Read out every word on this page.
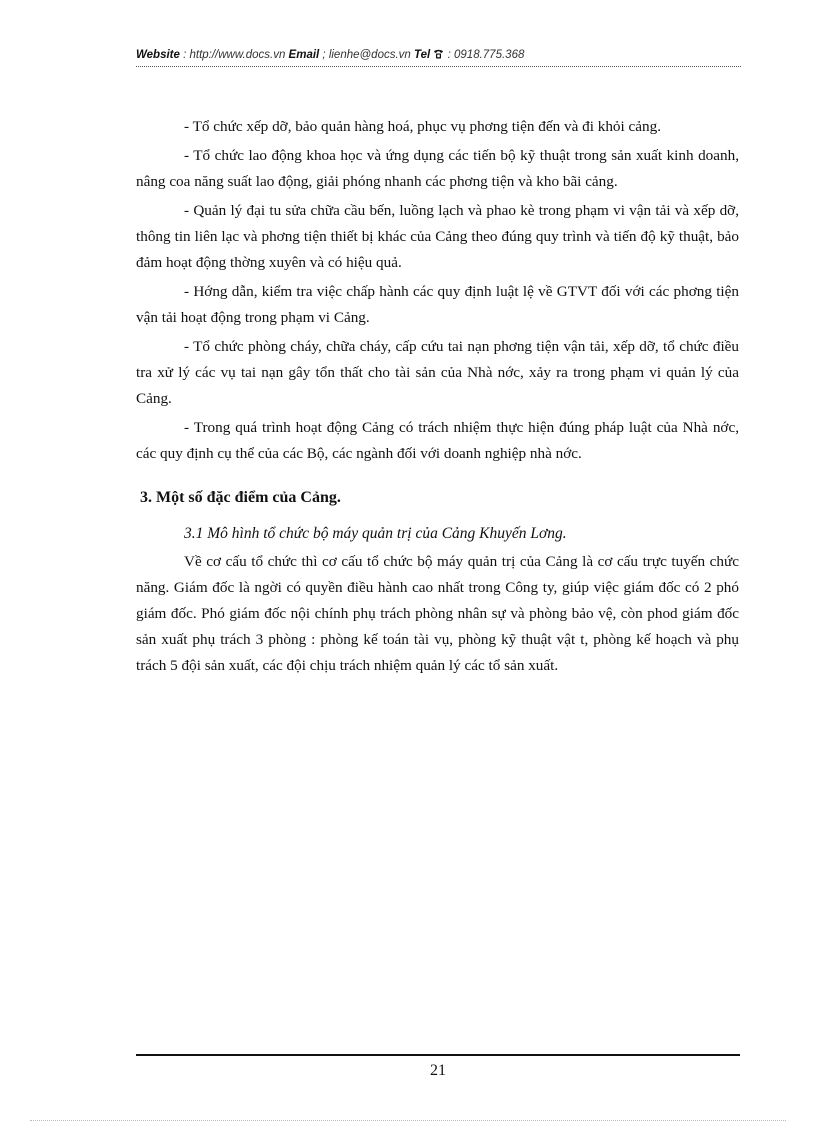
Website : http://www.docs.vn Email ; lienhe@docs.vn Tel  : 0918.775.368

- Tổ chức xếp dỡ, bảo quản hàng hoá, phục vụ phơng tiện đến và đi khỏi cảng.

- Tổ chức lao động khoa học và ứng dụng các tiến bộ kỹ thuật trong sản xuất kinh doanh, nâng coa năng suất lao động, giải phóng nhanh các phơng tiện và kho bãi cảng.

- Quản lý đại tu sửa chữa cầu bến, luồng lạch và phao kè trong phạm vi vận tải và xếp dỡ, thông tin liên lạc và phơng tiện thiết bị khác của Cảng theo đúng quy trình và tiến độ kỹ thuật, bảo đảm hoạt động thờng xuyên và có hiệu quả.

- Hớng dẫn, kiểm tra việc chấp hành các quy định luật lệ về GTVT đối với các phơng tiện vận tải hoạt động trong phạm vi Cảng.

- Tổ chức phòng cháy, chữa cháy, cấp cứu tai nạn phơng tiện vận tải, xếp dỡ, tổ chức điều tra xử lý các vụ tai nạn gây tổn thất cho tài sản của Nhà nớc, xảy ra trong phạm vi quản lý của Cảng.

- Trong quá trình hoạt động Cảng có trách nhiệm thực hiện đúng pháp luật của Nhà nớc, các quy định cụ thể của các Bộ, các ngành đối với doanh nghiệp nhà nớc.

3. Một số đặc điểm của Cảng.
3.1 Mô hình tổ chức bộ máy quản trị của Cảng Khuyến Lơng.

Về cơ cấu tổ chức thì cơ cấu tổ chức bộ máy quản trị của Cảng là cơ cấu trực tuyến chức năng. Giám đốc là ngời có quyền điều hành cao nhất trong Công ty, giúp việc giám đốc có 2 phó giám đốc. Phó giám đốc nội chính phụ trách phòng nhân sự và phòng bảo vệ, còn phod giám đốc sản xuất phụ trách 3 phòng : phòng kế toán tài vụ, phòng kỹ thuật vật t, phòng kế hoạch và phụ trách 5 đội sản xuất, các đội chịu trách nhiệm quản lý các tổ sản xuất.

21
